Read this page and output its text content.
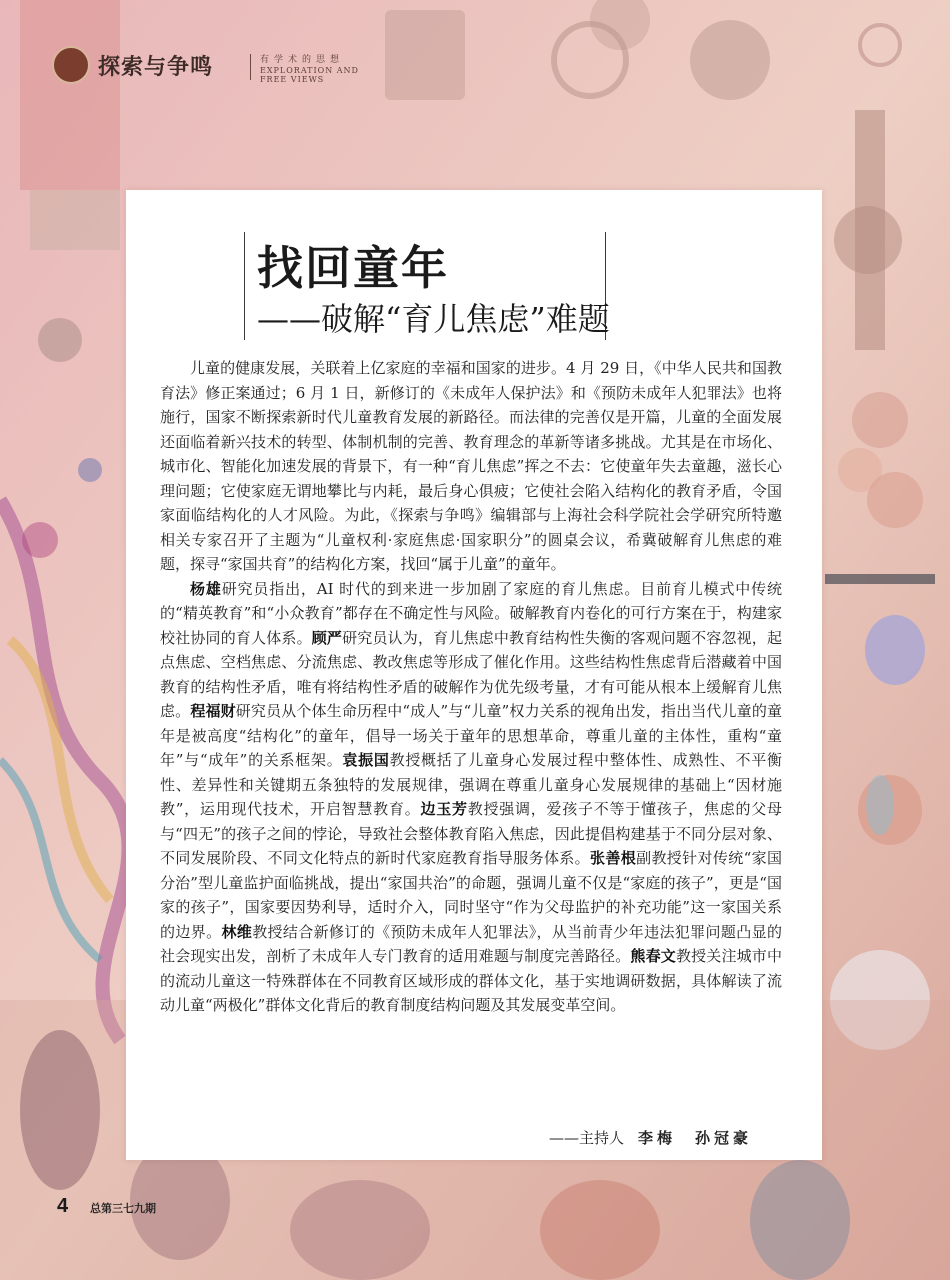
探索与争鸣	有学术的思想
EXPLORATION AND FREE VIEWS
找回童年
——破解“育儿焦虑”难题

儿童的健康发展，关联着上亿家庭的幸福和国家的进步。4 月 29 日，《中华人民共和国教育法》修正案通过；6 月 1 日，新修订的《未成年人保护法》和《预防未成年人犯罪法》也将施行，国家不断探索新时代儿童教育发展的新路径。而法律的完善仅是开篇，儿童的全面发展还面临着新兴技术的转型、体制机制的完善、教育理念的革新等诸多挑战。尤其是在市场化、城市化、智能化加速发展的背景下，有一种“育儿焦虑”挥之不去：它使童年失去童趣，滋长心理问题；它使家庭无谓地攀比与内耗，最后身心俱疲；它使社会陷入结构化的教育矛盾，令国家面临结构化的人才风险。为此，《探索与争鸣》编辑部与上海社会科学院社会学研究所特邀相关专家召开了主题为“儿童权利·家庭焦虑·国家职分”的圆桌会议，希冀破解育儿焦虑的难题，探寻“家国共育”的结构化方案，找回“属于儿童”的童年。

杨雄研究员指出，AI 时代的到来进一步加剧了家庭的育儿焦虑。目前育儿模式中传统的“精英教育”和“小众教育”都存在不确定性与风险。破解教育内卷化的可行方案在于，构建家校社协同的育人体系。顾严研究员认为，育儿焦虑中教育结构性失衡的客观问题不容忽视，起点焦虑、空档焦虑、分流焦虑、教改焦虑等形成了催化作用。这些结构性焦虑背后潜藏着中国教育的结构性矛盾，唯有将结构性矛盾的破解作为优先级考量，才有可能从根本上缓解育儿焦虑。程福财研究员从个体生命历程中“成人”与“儿童”权力关系的视角出发，指出当代儿童的童年是被高度“结构化”的童年，倡导一场关于童年的思想革命，尊重儿童的主体性，重构“童年”与“成年”的关系框架。袁振国教授概括了儿童身心发展过程中整体性、成熟性、不平衡性、差异性和关键期五条独特的发展规律，强调在尊重儿童身心发展规律的基础上“因材施教”，运用现代技术，开启智慧教育。边玉芳教授强调，爱孩子不等于懂孩子，焦虑的父母与“四无”的孩子之间的悖论，导致社会整体教育陷入焦虑，因此提倡构建基于不同分层对象、不同发展阶段、不同文化特点的新时代家庭教育指导服务体系。张善根副教授针对传统“家国分治”型儿童监护面临挑战，提出“家国共治”的命题，强调儿童不仅是“家庭的孩子”，更是“国家的孩子”，国家要因势利导，适时介入，同时坚守“作为父母监护的补充功能”这一家国关系的边界。林维教授结合新修订的《预防未成年人犯罪法》，从当前青少年违法犯罪问题凸显的社会现实出发，剖析了未成年人专门教育的适用难题与制度完善路径。熊春文教授关注城市中的流动儿童这一特殊群体在不同教育区域形成的群体文化，基于实地调研数据，具体解读了流动儿童“两极化”群体文化背后的教育制度结构问题及其发展变革空间。

——主持人 李梅　孙冠豪
4 总第三七九期
